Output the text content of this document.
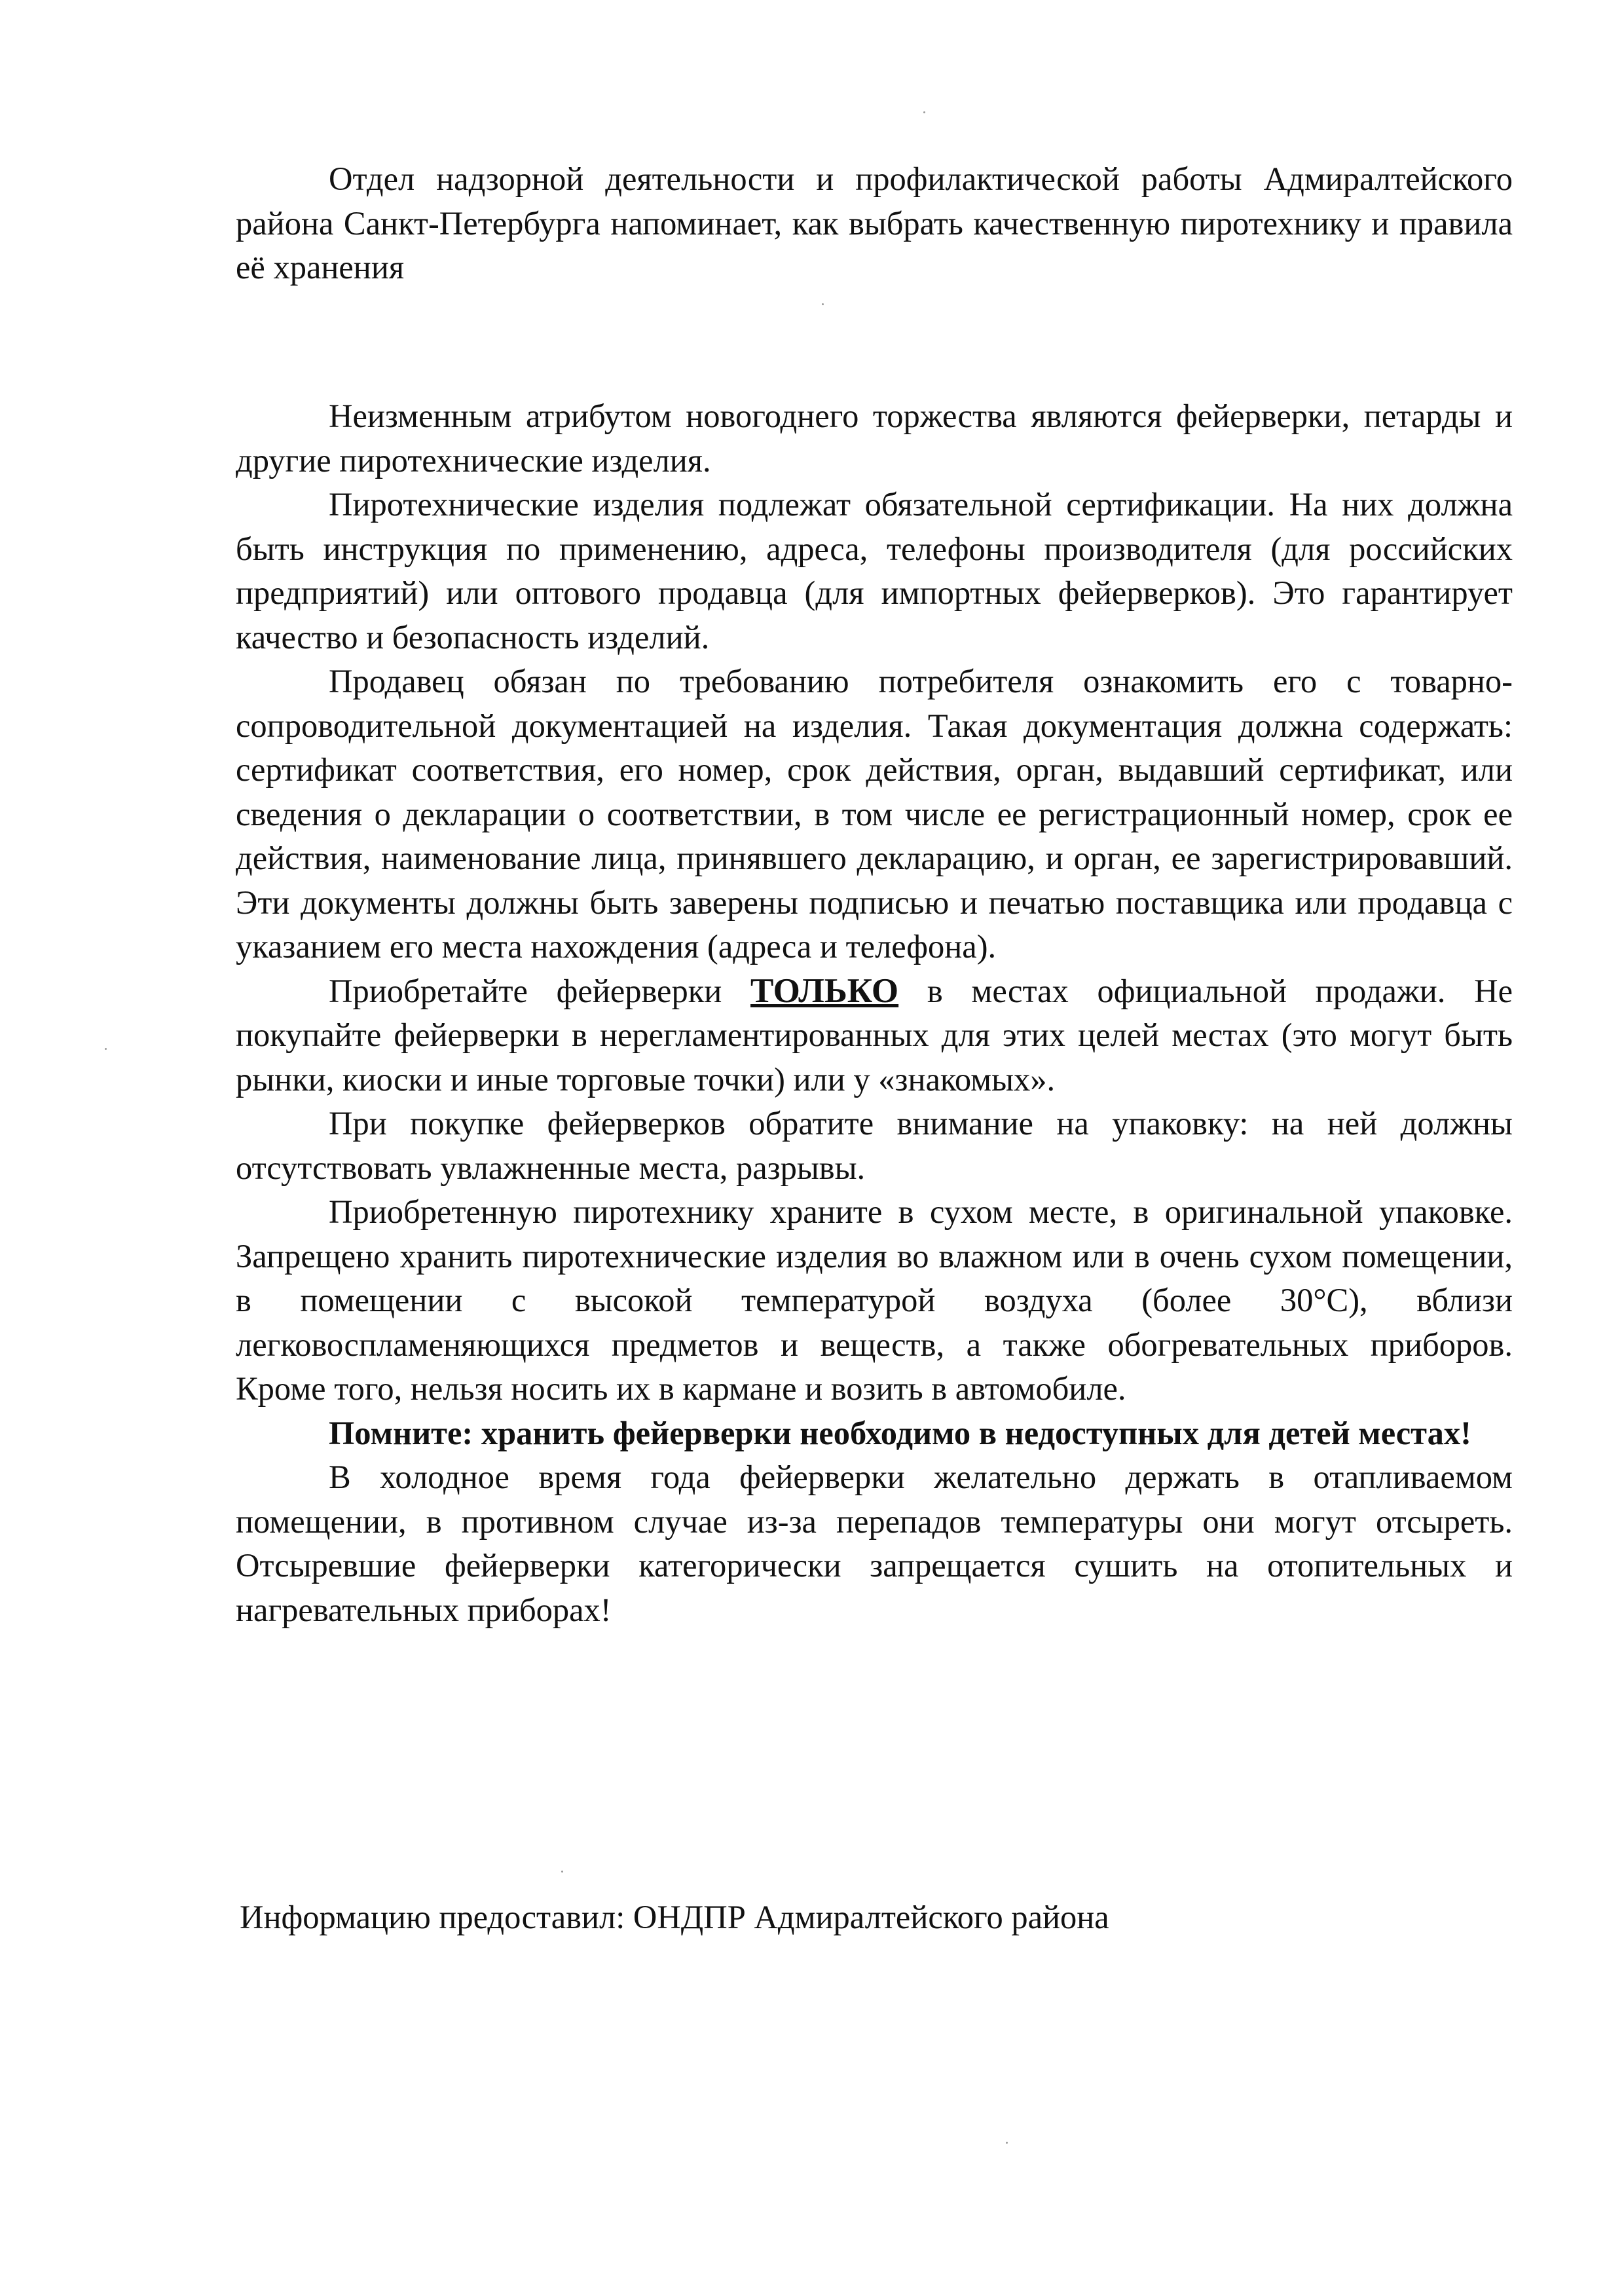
Отдел надзорной деятельности и профилактической работы Адмиралтейского района Санкт-Петербурга напоминает, как выбрать качественную пиротехнику и правила её хранения

Неизменным атрибутом новогоднего торжества являются фейерверки, петарды и другие пиротехнические изделия.

Пиротехнические изделия подлежат обязательной сертификации. На них должна быть инструкция по применению, адреса, телефоны производителя (для российских предприятий) или оптового продавца (для импортных фейерверков). Это гарантирует качество и безопасность изделий.

Продавец обязан по требованию потребителя ознакомить его с товарно-сопроводительной документацией на изделия. Такая документация должна содержать: сертификат соответствия, его номер, срок действия, орган, выдавший сертификат, или сведения о декларации о соответствии, в том числе ее регистрационный номер, срок ее действия, наименование лица, принявшего декларацию, и орган, ее зарегистрировавший. Эти документы должны быть заверены подписью и печатью поставщика или продавца с указанием его места нахождения (адреса и телефона).

Приобретайте фейерверки ТОЛЬКО в местах официальной продажи. Не покупайте фейерверки в нерегламентированных для этих целей местах (это могут быть рынки, киоски и иные торговые точки) или у «знакомых».

При покупке фейерверков обратите внимание на упаковку: на ней должны отсутствовать увлажненные места, разрывы.

Приобретенную пиротехнику храните в сухом месте, в оригинальной упаковке. Запрещено хранить пиротехнические изделия во влажном или в очень сухом помещении, в помещении с высокой температурой воздуха (более 30°С), вблизи легковоспламеняющихся предметов и веществ, а также обогревательных приборов. Кроме того, нельзя носить их в кармане и возить в автомобиле.

Помните: хранить фейерверки необходимо в недоступных для детей местах!

В холодное время года фейерверки желательно держать в отапливаемом помещении, в противном случае из-за перепадов температуры они могут отсыреть. Отсыревшие фейерверки категорически запрещается сушить на отопительных и нагревательных приборах!

Информацию предоставил: ОНДПР Адмиралтейского района
